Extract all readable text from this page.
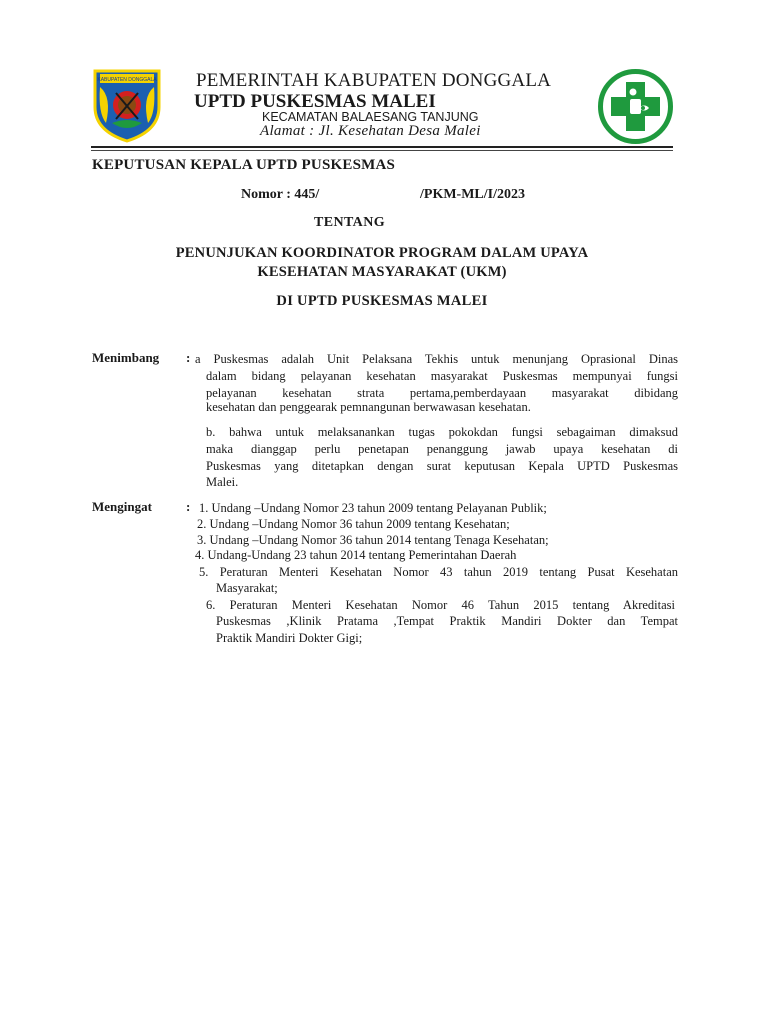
KABUPATEN DONGGALA PEMERINTAH KABUPATEN DONGGALA
UPTD PUSKESMAS MALEI
KECAMATAN BALAESANG TANJUNG
Alamat : Jl. Kesehatan Desa Malei
KEPUTUSAN KEPALA UPTD PUSKESMAS
Nomor : 445/	/PKM-ML/I/2023
TENTANG
PENUNJUKAN KOORDINATOR PROGRAM DALAM UPAYA
KESEHATAN MASYARAKAT (UKM)
DI UPTD PUSKESMAS MALEI
Menimbang : a Puskesmas adalah Unit Pelaksana Tekhis untuk menunjang Oprasional Dinas
dalam bidang pelayanan kesehatan masyarakat Puskesmas mempunyai fungsi
pelayanan kesehatan strata pertama,pemberdayaan masyarakat dibidang
kesehatan dan penggearak pemnangunan berwawasan kesehatan.
b. bahwa untuk melaksanankan tugas pokokdan fungsi sebagaiman dimaksud
maka dianggap perlu penetapan penanggung jawab upaya kesehatan di
Puskesmas yang ditetapkan dengan surat keputusan Kepala UPTD Puskesmas
Malei.
Mengingat	: 1. Undang –Undang Nomor 23 tahun 2009 tentang Pelayanan Publik;
2. Undang –Undang Nomor 36 tahun 2009 tentang Kesehatan;
3. Undang –Undang Nomor 36 tahun 2014 tentang Tenaga Kesehatan;
4. Undang-Undang 23 tahun 2014 tentang Pemerintahan Daerah
5. Peraturan Menteri Kesehatan Nomor 43 tahun 2019 tentang Pusat Kesehatan
Masyarakat;
6. Peraturan Menteri Kesehatan Nomor 46 Tahun 2015 tentang Akreditasi
Puskesmas ,Klinik Pratama ,Tempat Praktik Mandiri Dokter dan Tempat
Praktik Mandiri Dokter Gigi;
